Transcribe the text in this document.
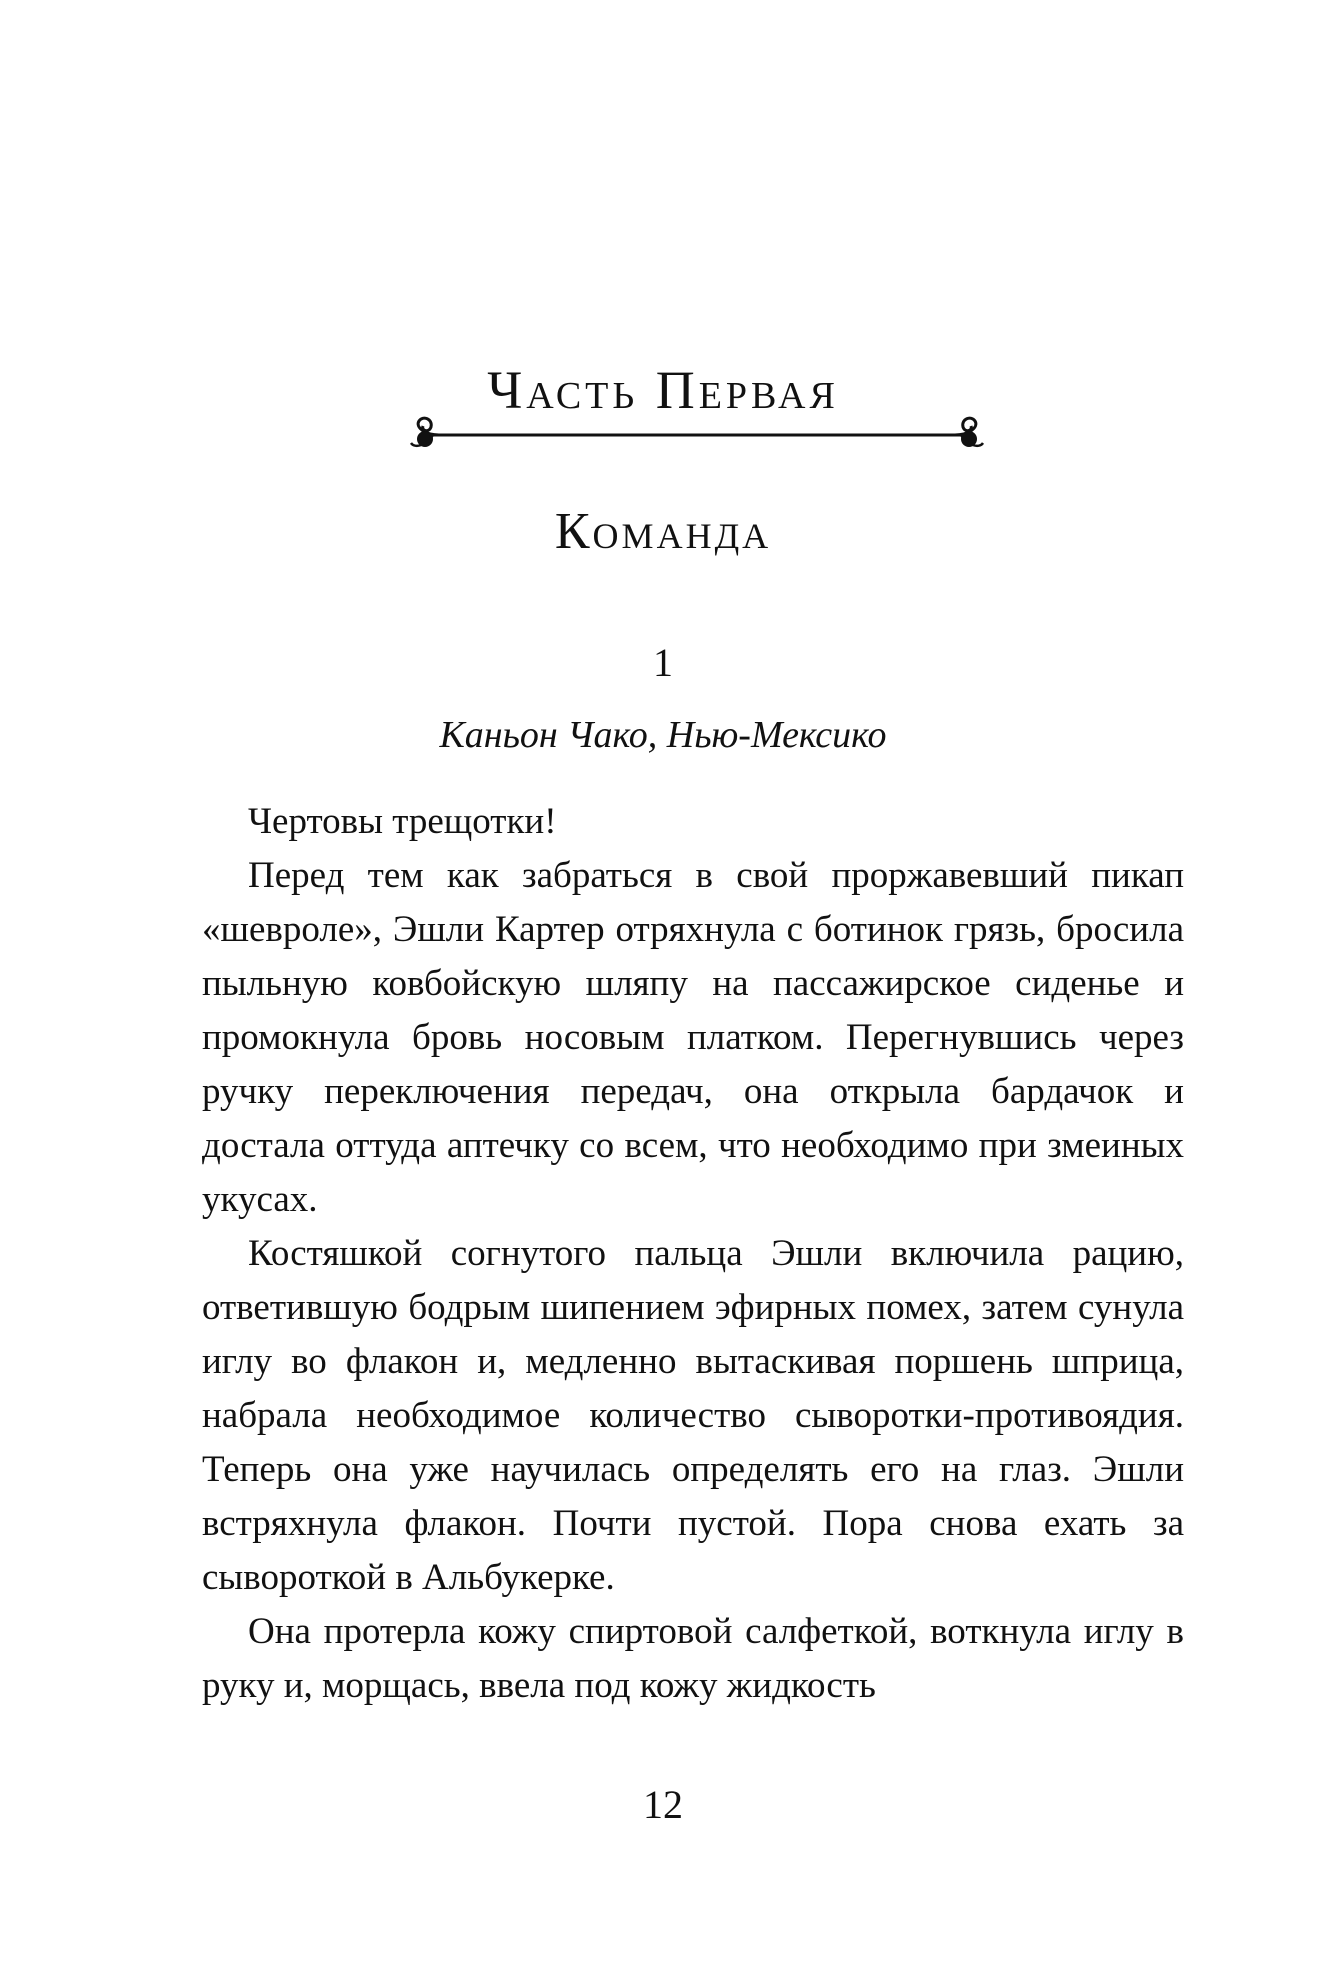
Часть Первая
Команда
1
Каньон Чако, Нью-Мексико

Чертовы трещотки!

Перед тем как забраться в свой проржавевший пикап «шевроле», Эшли Картер отряхнула с ботинок грязь, бросила пыльную ковбойскую шляпу на пассажирское сиденье и промокнула бровь носовым платком. Перегнувшись через ручку переключения передач, она открыла бардачок и достала оттуда аптечку со всем, что необходимо при змеиных укусах.

Костяшкой согнутого пальца Эшли включила рацию, ответившую бодрым шипением эфирных помех, затем сунула иглу во флакон и, медленно вытаскивая поршень шприца, набрала необходимое количество сыворотки-противоядия. Теперь она уже научилась определять его на глаз. Эшли встряхнула флакон. Почти пустой. Пора снова ехать за сывороткой в Альбукерке.

Она протерла кожу спиртовой салфеткой, воткнула иглу в руку и, морщась, ввела под кожу жидкость

12
